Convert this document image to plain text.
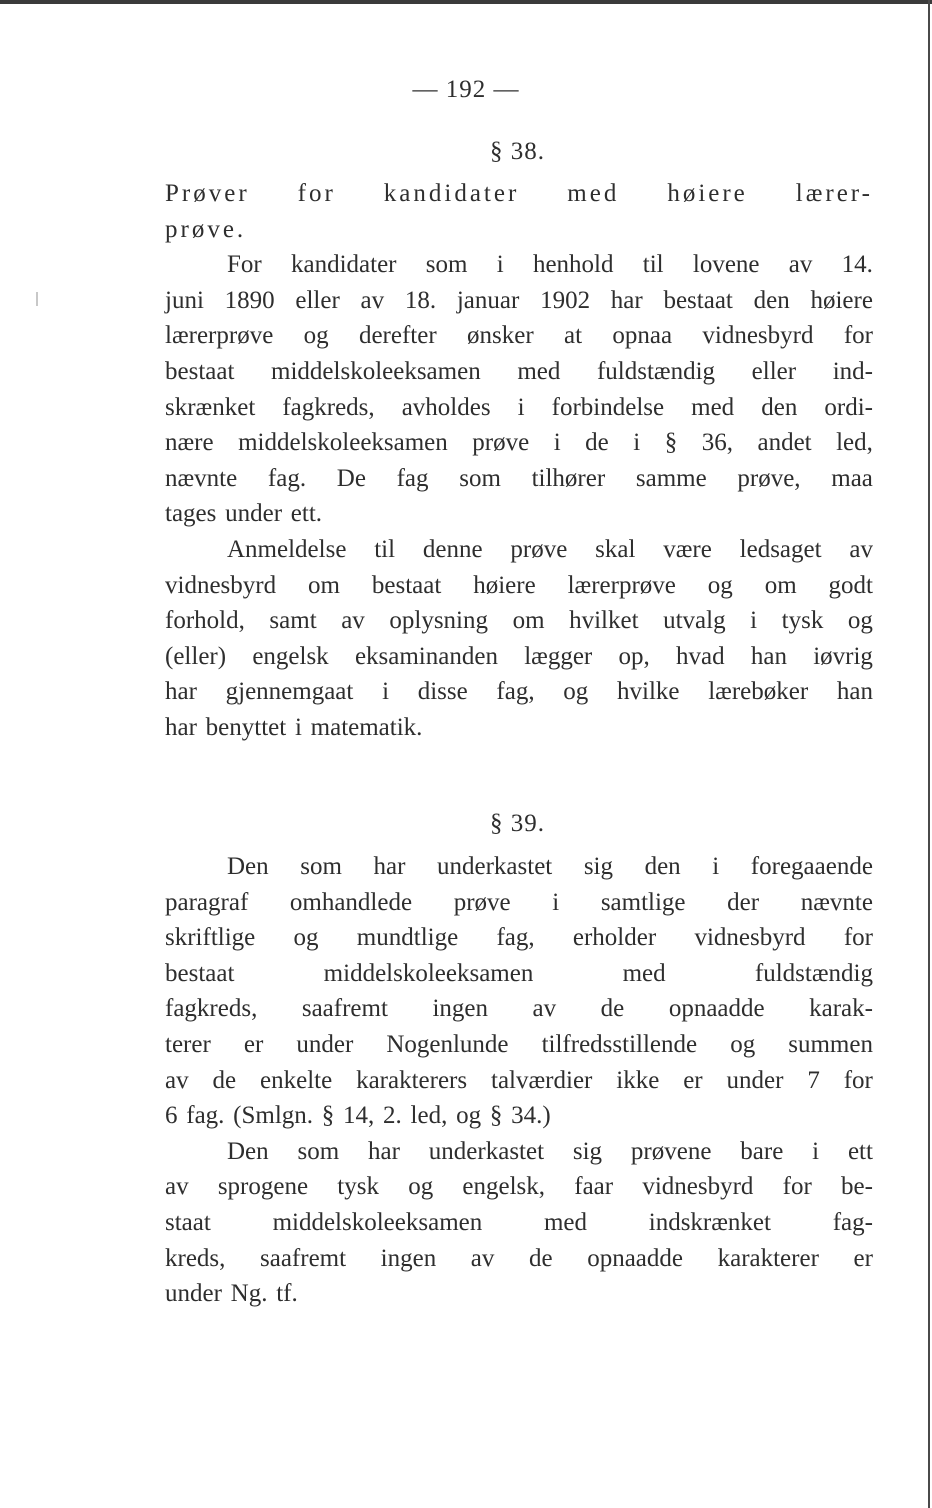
— 192 —
§ 38.
Prøver for kandidater med høiere lærer-
prøve.
For kandidater som i henhold til lovene av 14.
juni 1890 eller av 18. januar 1902 har bestaat den høiere
lærerprøve og derefter ønsker at opnaa vidnesbyrd for
bestaat middelskoleeksamen med fuldstændig eller ind-
skrænket fagkreds, avholdes i forbindelse med den ordi-
nære middelskoleeksamen prøve i de i § 36, andet led,
nævnte fag. De fag som tilhører samme prøve, maa
tages under ett.
Anmeldelse til denne prøve skal være ledsaget av
vidnesbyrd om bestaat høiere lærerprøve og om godt
forhold, samt av oplysning om hvilket utvalg i tysk og
(eller) engelsk eksaminanden lægger op, hvad han iøvrig
har gjennemgaat i disse fag, og hvilke lærebøker han
har benyttet i matematik.
§ 39.
Den som har underkastet sig den i foregaaende
paragraf omhandlede prøve i samtlige der nævnte
skriftlige og mundtlige fag, erholder vidnesbyrd for
bestaat	middelskoleeksamen	med	fuldstændig
fagkreds, saafremt ingen av de opnaadde karak-
terer er under Nogenlunde tilfredsstillende og summen
av de enkelte karakterers talværdier ikke er under 7 for
6 fag. (Smlgn. § 14, 2. led, og § 34.)
Den som har underkastet sig prøvene bare i ett
av sprogene tysk og engelsk, faar vidnesbyrd for be-
staat middelskoleeksamen med indskrænket fag-
kreds, saafremt ingen av de opnaadde karakterer er
under Ng. tf.
